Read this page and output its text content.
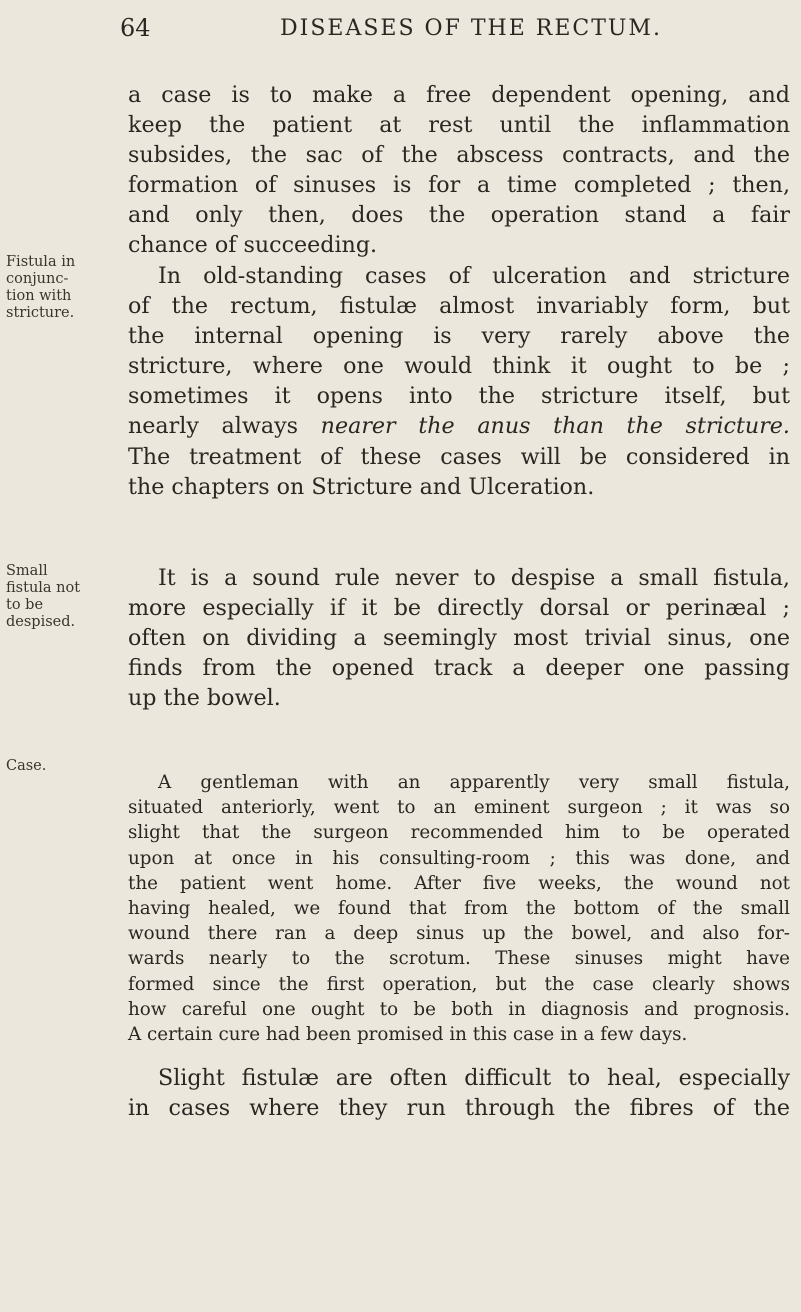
64	DISEASES OF THE RECTUM.
Fistula in
conjunc-
tion with
stricture.
Small
fistula not
to be
despised.
Case.
a case is to make a free dependent opening, and
keep the patient at rest until the inflammation
subsides, the sac of the abscess contracts, and the
formation of sinuses is for a time completed ; then,
and only then, does the operation stand a fair
chance of succeeding.
In old-standing cases of ulceration and stricture
of the rectum, fistulæ almost invariably form, but
the internal opening is very rarely above the
stricture, where one would think it ought to be ;
sometimes it opens into the stricture itself, but
nearly always nearer the anus than the stricture.
The treatment of these cases will be considered in
the chapters on Stricture and Ulceration.
It is a sound rule never to despise a small fistula,
more especially if it be directly dorsal or perinæal ;
often on dividing a seemingly most trivial sinus, one
finds from the opened track a deeper one passing
up the bowel.
A gentleman with an apparently very small fistula,
situated anteriorly, went to an eminent surgeon ; it was so
slight that the surgeon recommended him to be operated
upon at once in his consulting-room ; this was done, and
the patient went home. After five weeks, the wound not
having healed, we found that from the bottom of the small
wound there ran a deep sinus up the bowel, and also for-
wards nearly to the scrotum. These sinuses might have
formed since the first operation, but the case clearly shows
how careful one ought to be both in diagnosis and prognosis.
A certain cure had been promised in this case in a few days.
Slight fistulæ are often difficult to heal, especially
in cases where they run through the fibres of the
